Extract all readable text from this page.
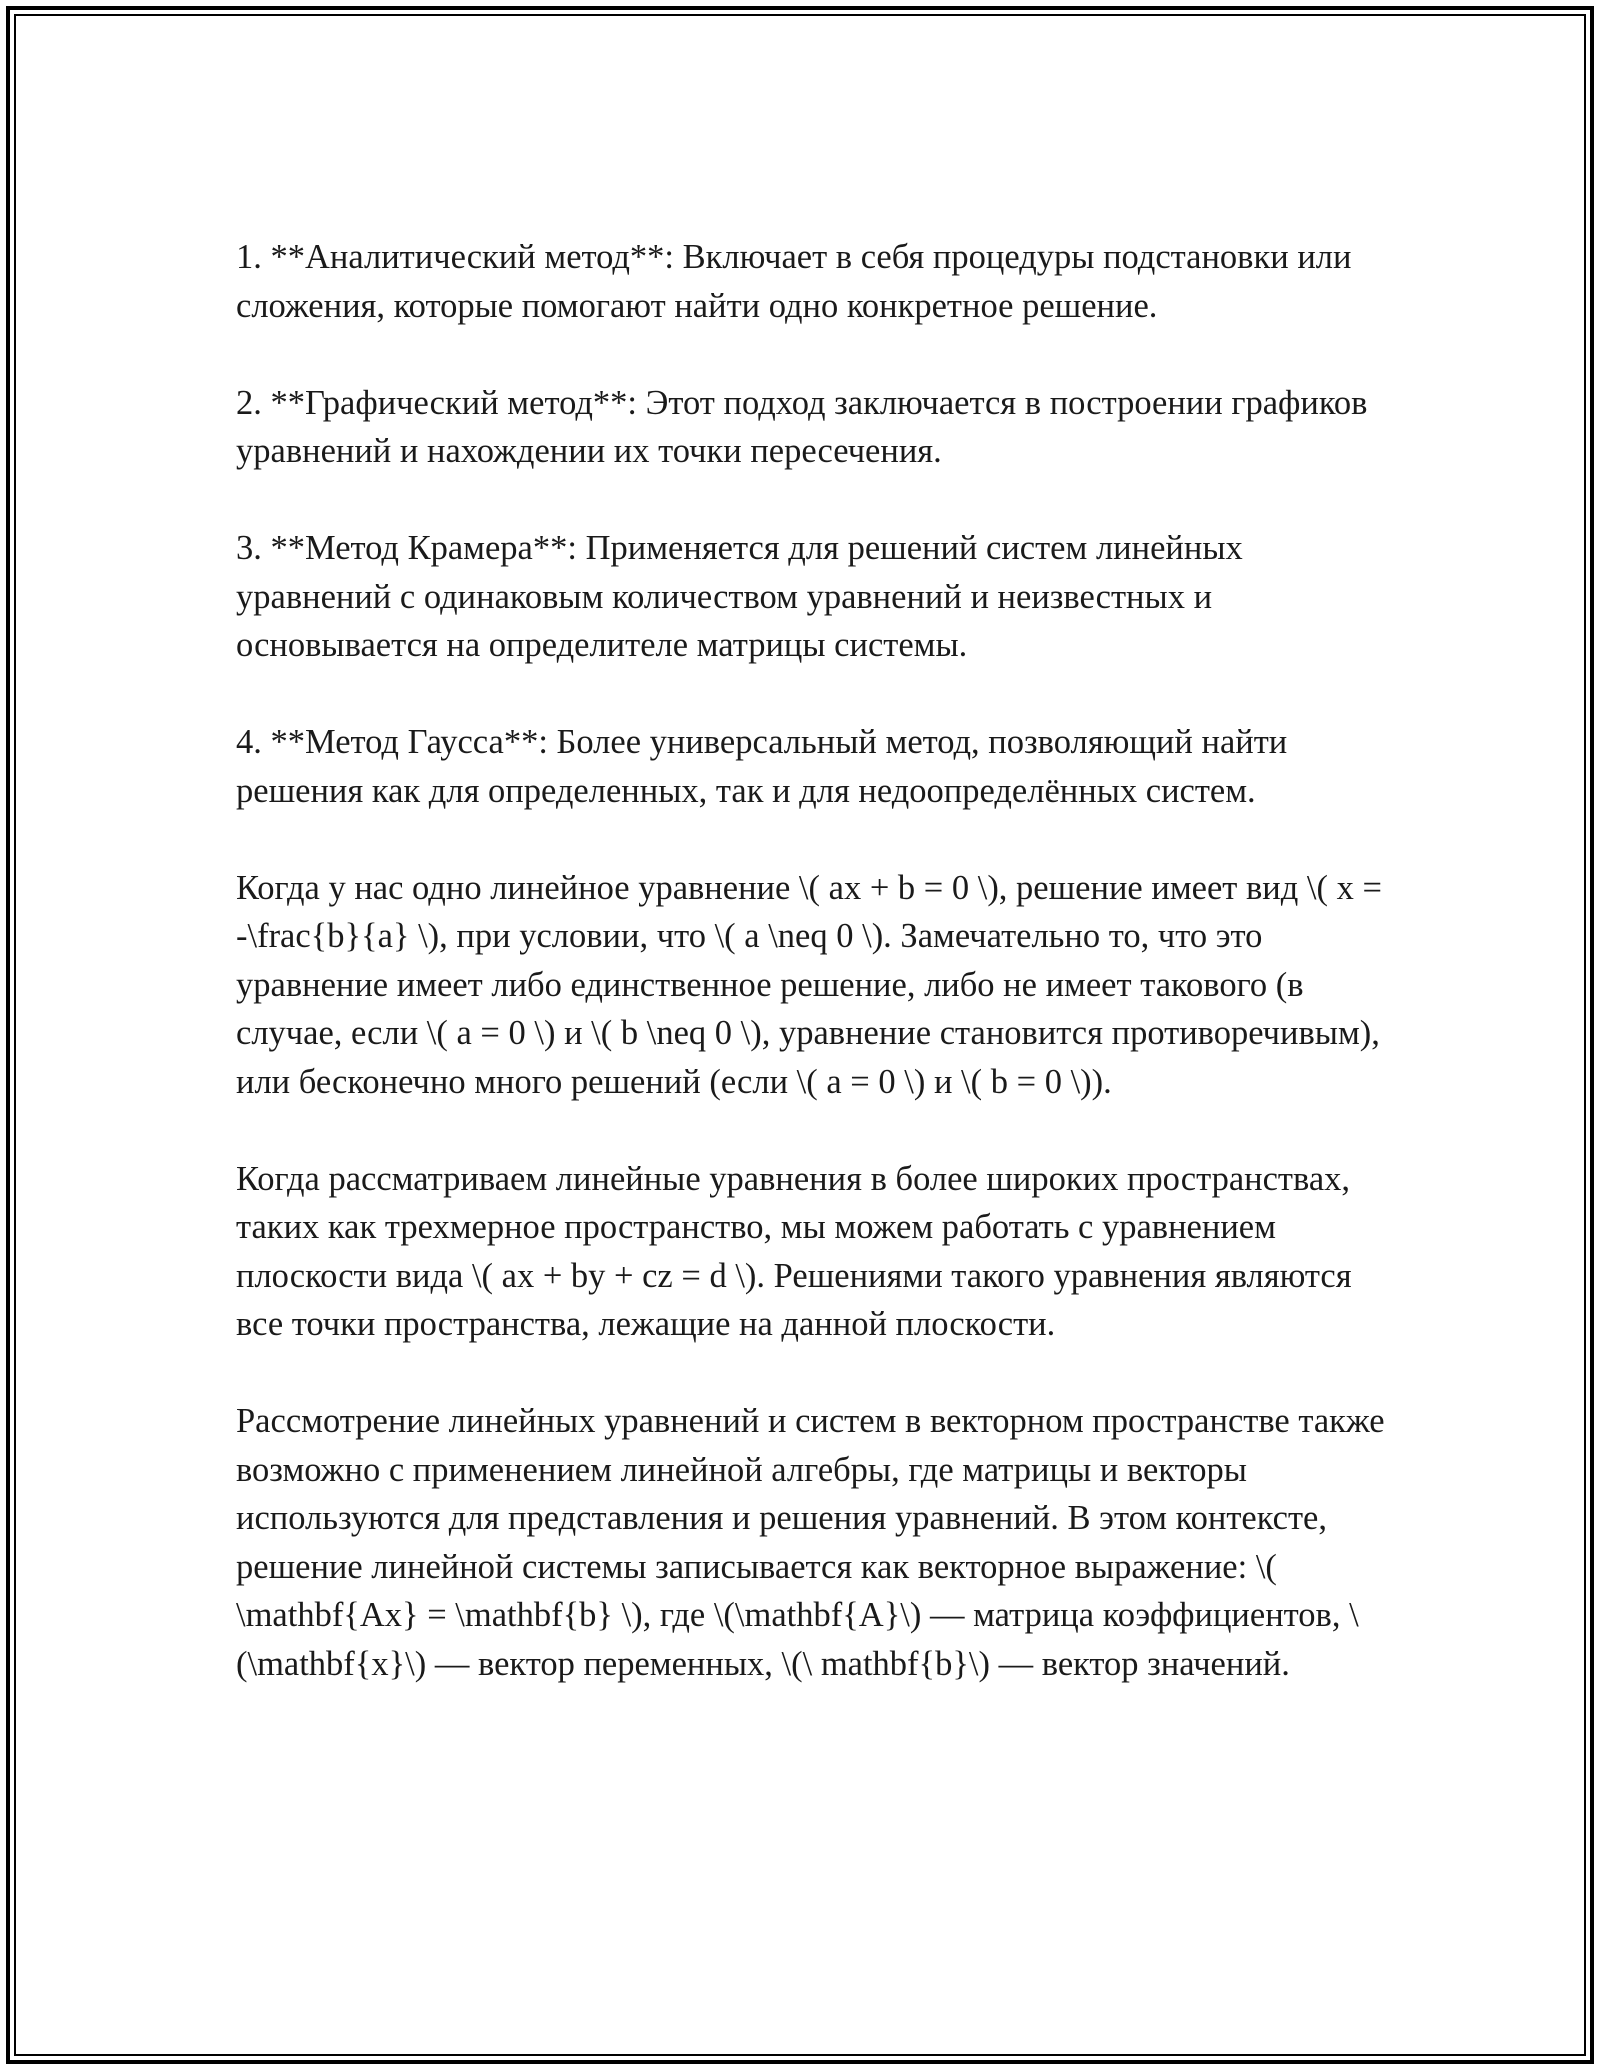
1. **Аналитический метод**: Включает в себя процедуры подстановки или сложения, которые помогают найти одно конкретное решение.

2. **Графический метод**: Этот подход заключается в построении графиков уравнений и нахождении их точки пересечения.

3. **Метод Крамера**: Применяется для решений систем линейных уравнений с одинаковым количеством уравнений и неизвестных и основывается на определителе матрицы системы.

4. **Метод Гаусса**: Более универсальный метод, позволяющий найти решения как для определенных, так и для недоопределённых систем.

Когда у нас одно линейное уравнение \( ax + b = 0 \), решение имеет вид \( x = -\frac{b}{a} \), при условии, что \( a \neq 0 \). Замечательно то, что это уравнение имеет либо единственное решение, либо не имеет такового (в случае, если \( a = 0 \) и \( b \neq 0 \), уравнение становится противоречивым), или бесконечно много решений (если \( a = 0 \) и \( b = 0 \)).

Когда рассматриваем линейные уравнения в более широких пространствах, таких как трехмерное пространство, мы можем работать с уравнением плоскости вида \( ax + by + cz = d \). Решениями такого уравнения являются все точки пространства, лежащие на данной плоскости.

Рассмотрение линейных уравнений и систем в векторном пространстве также возможно с применением линейной алгебры, где матрицы и векторы используются для представления и решения уравнений. В этом контексте, решение линейной системы записывается как векторное выражение: \( \mathbf{Ax} = \mathbf{b} \), где \(\mathbf{A}\) — матрица коэффициентов, \(\mathbf{x}\) — вектор переменных, \(\ mathbf{b}\) — вектор значений.
